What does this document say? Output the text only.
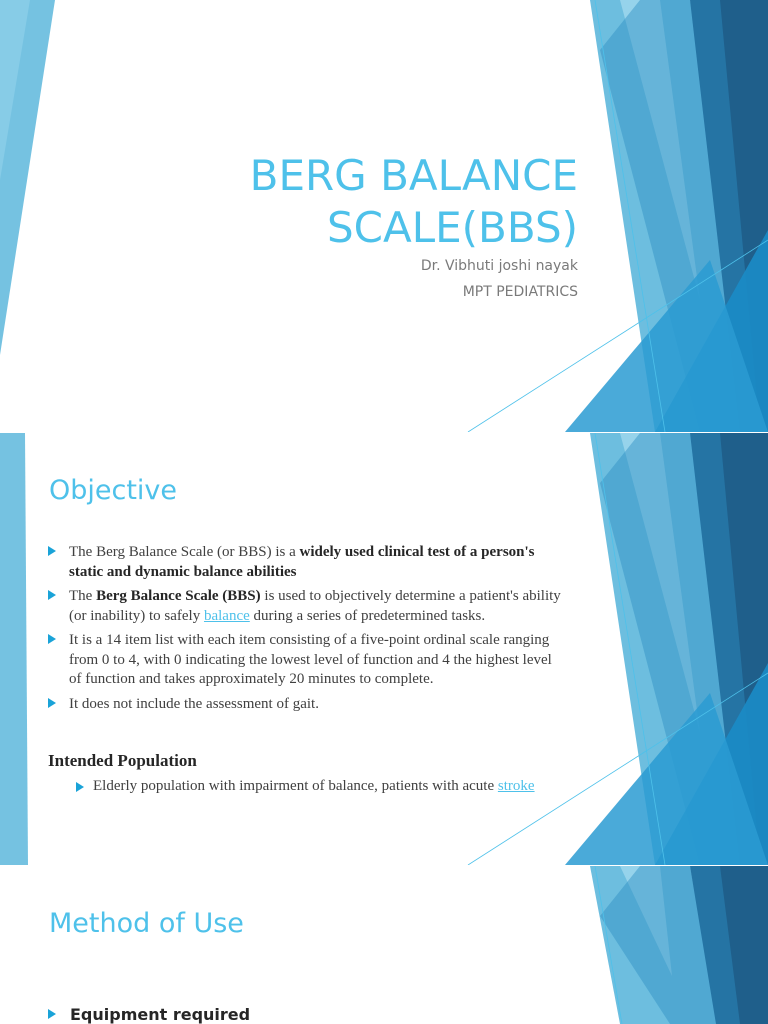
BERG BALANCE
SCALE(BBS)
Dr. Vibhuti joshi nayak
MPT PEDIATRICS
Objective
The Berg Balance Scale (or BBS) is a widely used clinical test of a person's static and dynamic balance abilities
The Berg Balance Scale (BBS) is used to objectively determine a patient's ability (or inability) to safely balance during a series of predetermined tasks.
It is a 14 item list with each item consisting of a five-point ordinal scale ranging from 0 to 4, with 0 indicating the lowest level of function and 4 the highest level of function and takes approximately 20 minutes to complete.
It does not include the assessment of gait.
Intended Population
Elderly population with impairment of balance, patients with acute stroke
Method of Use
Equipment required
